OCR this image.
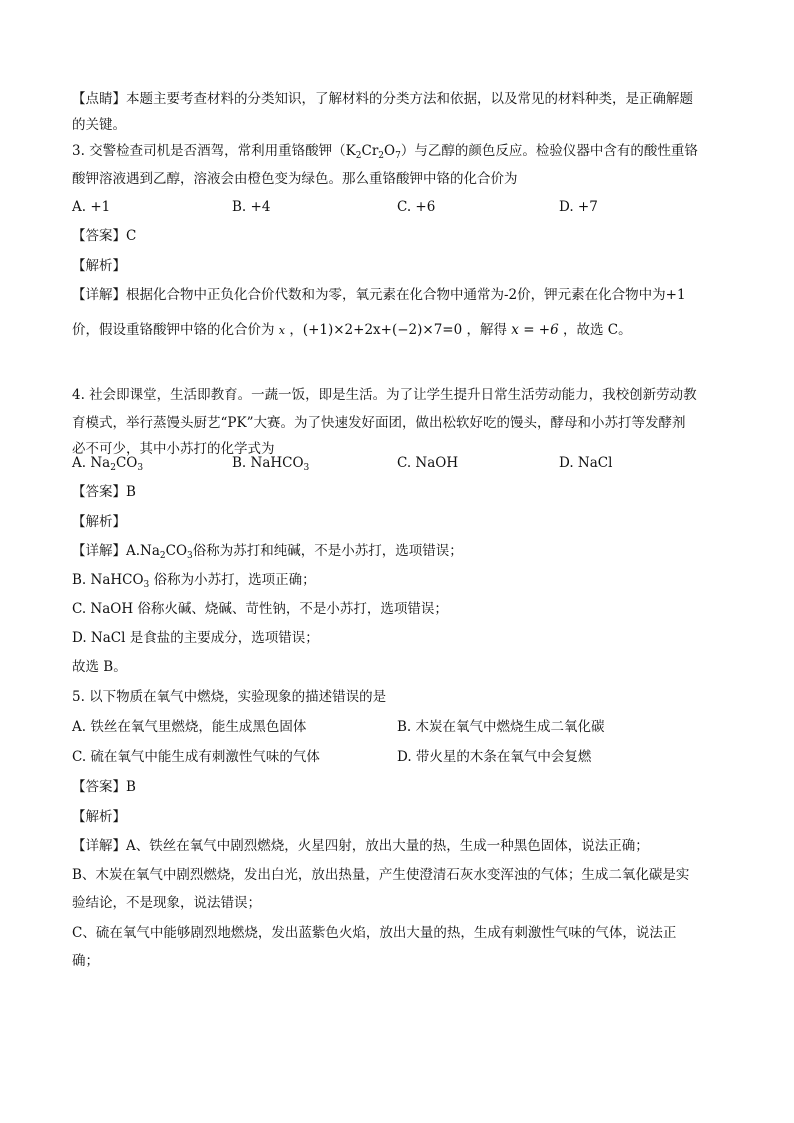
【点睛】本题主要考查材料的分类知识，了解材料的分类方法和依据，以及常见的材料种类，是正确解题
的关键。
3. 交警检查司机是否酒驾，常利用重铬酸钾$(K_2Cr_2O_7)$与乙醇的颜色反应。检验仪器中含有的酸性重铬
酸钾溶液遇到乙醇，溶液会由橙色变为绿色。那么重铬酸钾中铬的化合价为
A. +1	B. +4	C. +6	D. +7
【答案】C
【解析】
【详解】根据化合物中正负化合价代数和为零，氧元素在化合物中通常为-2价，钾元素在化合物中为+1
价，假设重铬酸钾中铬的化合价为 x ，(+1)×2+2x+(−2)×7=0 ，解得 x = +6 ，故选 C。
4. 社会即课堂，生活即教育。一蔬一饭，即是生活。为了让学生提升日常生活劳动能力，我校创新劳动教
育模式，举行蒸馒头厨艺“PK”大赛。为了快速发好面团，做出松软好吃的馒头，酵母和小苏打等发酵剂
必不可少，其中小苏打的化学式为
A. $Na_2CO_3$	B. NaHCO$_3$	C. NaOH	D. NaCl
【答案】B
【解析】
【详解】$A.Na_2CO_3$俗称为苏打和纯碱，不是小苏打，选项错误；
B. NaHCO$_3$ 俗称为小苏打，选项正确；
C. NaOH 俗称火碱、烧碱、苛性钠，不是小苏打，选项错误；
D. NaCl 是食盐的主要成分，选项错误；
故选 B。
5. 以下物质在氧气中燃烧，实验现象的描述错误的是
A. 铁丝在氧气里燃烧，能生成黑色固体	B. 木炭在氧气中燃烧生成二氧化碳
C. 硫在氧气中能生成有刺激性气味的气体	D. 带火星的木条在氧气中会复燃
【答案】B
【解析】
【详解】A、铁丝在氧气中剧烈燃烧，火星四射，放出大量的热，生成一种黑色固体，说法正确；
B、木炭在氧气中剧烈燃烧，发出白光，放出热量，产生使澄清石灰水变浑浊的气体；生成二氧化碳是实
验结论，不是现象，说法错误；
C、硫在氧气中能够剧烈地燃烧，发出蓝紫色火焰，放出大量的热，生成有刺激性气味的气体，说法正
确；
